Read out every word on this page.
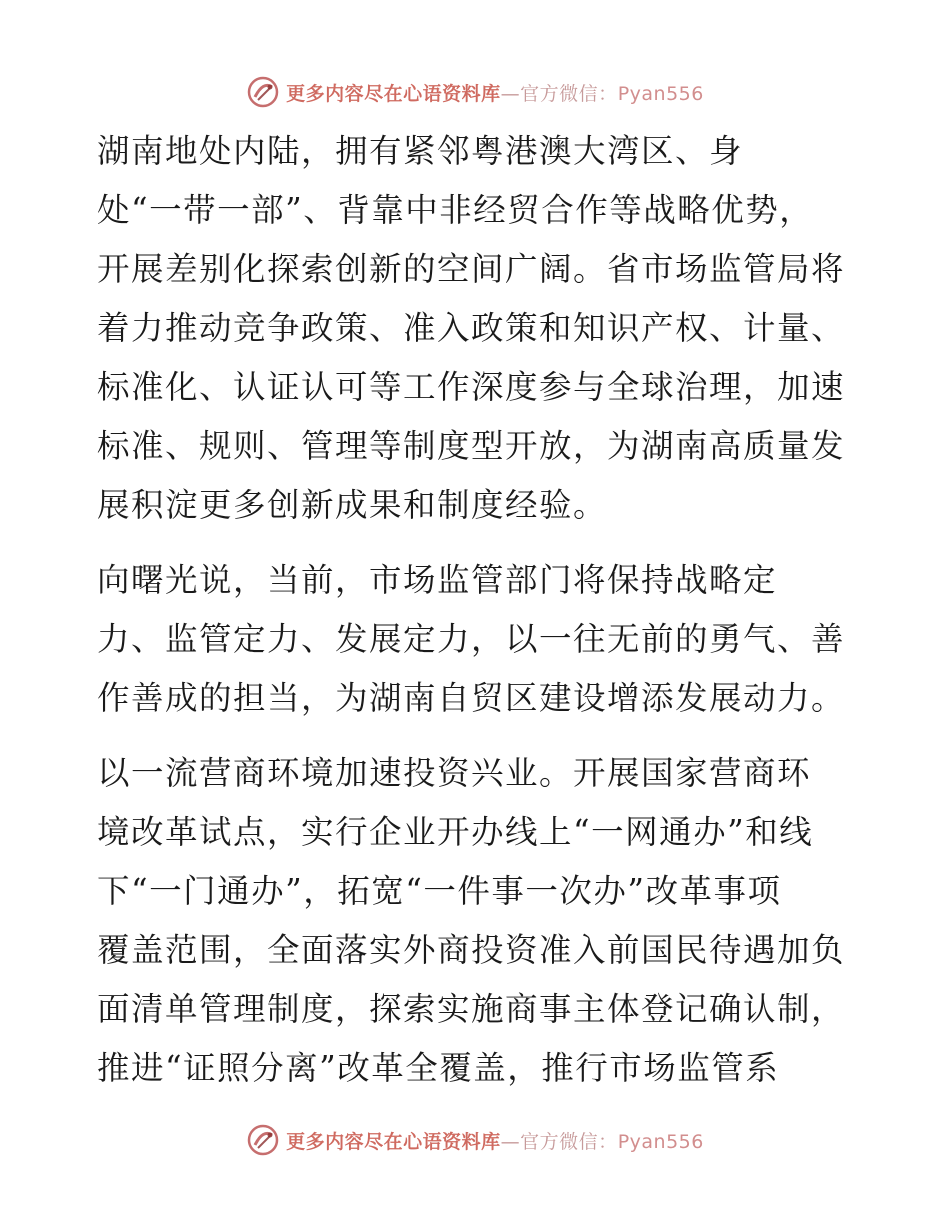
更多内容尽在心语资料库—官方微信：Pyan556
湖南地处内陆，拥有紧邻粤港澳大湾区、身
处“一带一部”、背靠中非经贸合作等战略优势，
开展差别化探索创新的空间广阔。省市场监管局将
着力推动竞争政策、准入政策和知识产权、计量、
标准化、认证认可等工作深度参与全球治理，加速
标准、规则、管理等制度型开放，为湖南高质量发
展积淀更多创新成果和制度经验。
向曙光说，当前，市场监管部门将保持战略定
力、监管定力、发展定力，以一往无前的勇气、善
作善成的担当，为湖南自贸区建设增添发展动力。
以一流营商环境加速投资兴业。开展国家营商环
境改革试点，实行企业开办线上“一网通办”和线
下“一门通办”，拓宽“一件事一次办”改革事项
覆盖范围，全面落实外商投资准入前国民待遇加负
面清单管理制度，探索实施商事主体登记确认制，
推进“证照分离”改革全覆盖，推行市场监管系
更多内容尽在心语资料库—官方微信：Pyan556
